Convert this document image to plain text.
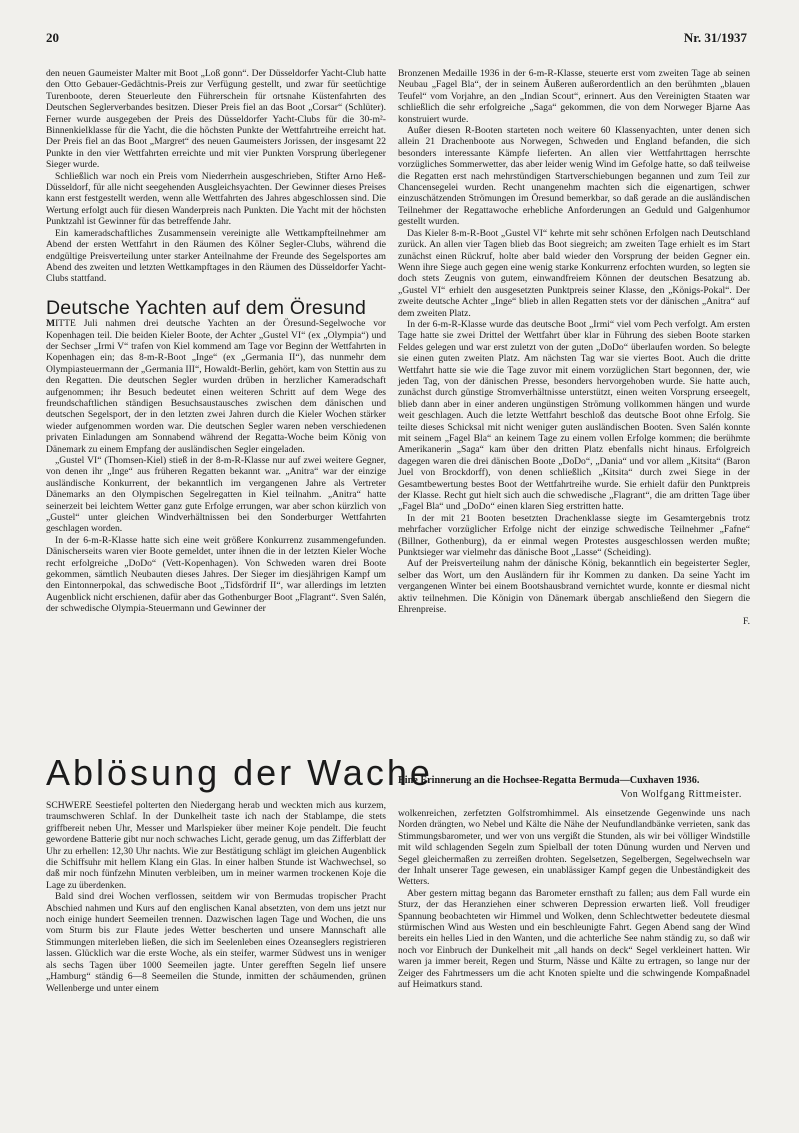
20	Nr. 31/1937

den neuen Gaumeister Malter mit Boot „Loß gonn“. Der Düsseldorfer Yacht-Club hatte den Otto Gebauer-Gedächtnis-Preis zur Verfügung gestellt, und zwar für seetüchtige Turenboote, deren Steuerleute den Führerschein für ortsnahe Küstenfahrten des Deutschen Seglerverbandes besitzen. Dieser Preis fiel an das Boot „Corsar“ (Schlüter). Ferner wurde ausgegeben der Preis des Düsseldorfer Yacht-Clubs für die 30-m²-Binnenkielklasse für die Yacht, die die höchsten Punkte der Wettfahrtreihe erreicht hat. Der Preis fiel an das Boot „Margret“ des neuen Gaumeisters Jorissen, der insgesamt 22 Punkte in den vier Wettfahrten erreichte und mit vier Punkten Vorsprung überlegener Sieger wurde.

Schließlich war noch ein Preis vom Niederrhein ausgeschrieben, Stifter Arno Heß-Düsseldorf, für alle nicht seegehenden Ausgleichsyachten. Der Gewinner dieses Preises kann erst festgestellt werden, wenn alle Wettfahrten des Jahres abgeschlossen sind. Die Wertung erfolgt auch für diesen Wanderpreis nach Punkten. Die Yacht mit der höchsten Punktzahl ist Gewinner für das betreffende Jahr.

Ein kameradschaftliches Zusammensein vereinigte alle Wettkampfteilnehmer am Abend der ersten Wettfahrt in den Räumen des Kölner Segler-Clubs, während die endgültige Preisverteilung unter starker Anteilnahme der Freunde des Segelsportes am Abend des zweiten und letzten Wettkampftages in den Räumen des Düsseldorfer Yacht-Clubs stattfand.

Deutsche Yachten auf dem Öresund

MITTE Juli nahmen drei deutsche Yachten an der Öresund-Segelwoche vor Kopenhagen teil. Die beiden Kieler Boote, der Achter „Gustel VI“ (ex „Olympia“) und der Sechser „Irmi V“ trafen von Kiel kommend am Tage vor Beginn der Wettfahrten in Kopenhagen ein; das 8-m-R-Boot „Inge“ (ex „Germania II“), das nunmehr dem Olympiasteuermann der „Germania III“, Howaldt-Berlin, gehört, kam von Stettin aus zu den Regatten. Die deutschen Segler wurden drüben in herzlicher Kameradschaft aufgenommen; ihr Besuch bedeutet einen weiteren Schritt auf dem Wege des freundschaftlichen ständigen Besuchsaustausches zwischen dem dänischen und deutschen Segelsport, der in den letzten zwei Jahren durch die Kieler Wochen stärker wieder aufgenommen worden war. Die deutschen Segler waren neben verschiedenen privaten Einladungen am Sonnabend während der Regatta-Woche beim König von Dänemark zu einem Empfang der ausländischen Segler eingeladen.

„Gustel VI“ (Thomsen-Kiel) stieß in der 8-m-R-Klasse nur auf zwei weitere Gegner, von denen ihr „Inge“ aus früheren Regatten bekannt war. „Anitra“ war der einzige ausländische Konkurrent, der bekanntlich im vergangenen Jahre als Vertreter Dänemarks an den Olympischen Segelregatten in Kiel teilnahm. „Anitra“ hatte seinerzeit bei leichtem Wetter ganz gute Erfolge errungen, war aber schon kürzlich von „Gustel“ unter gleichen Windverhältnissen bei den Sonderburger Wettfahrten geschlagen worden.

In der 6-m-R-Klasse hatte sich eine weit größere Konkurrenz zusammengefunden. Dänischerseits waren vier Boote gemeldet, unter ihnen die in der letzten Kieler Woche recht erfolgreiche „DoDo“ (Vett-Kopenhagen). Von Schweden waren drei Boote gekommen, sämtlich Neubauten dieses Jahres. Der Sieger im diesjährigen Kampf um den Eintonnerpokal, das schwedische Boot „Tidsfördrif II“, war allerdings im letzten Augenblick nicht erschienen, dafür aber das Gothenburger Boot „Flagrant“. Sven Salén, der schwedische Olympia-Steuermann und Gewinner der

Bronzenen Medaille 1936 in der 6-m-R-Klasse, steuerte erst vom zweiten Tage ab seinen Neubau „Fagel Bla“, der in seinem Äußeren außerordentlich an den berühmten „blauen Teufel“ vom Vorjahre, an den „Indian Scout“, erinnert. Aus den Vereinigten Staaten war schließlich die sehr erfolgreiche „Saga“ gekommen, die von dem Norweger Bjarne Aas konstruiert wurde.

Außer diesen R-Booten starteten noch weitere 60 Klassenyachten, unter denen sich allein 21 Drachenboote aus Norwegen, Schweden und England befanden, die sich besonders interessante Kämpfe lieferten. An allen vier Wettfahrttagen herrschte vorzügliches Sommerwetter, das aber leider wenig Wind im Gefolge hatte, so daß teilweise die Regatten erst nach mehrstündigen Startverschiebungen begannen und zum Teil zur Chancensegelei wurden. Recht unangenehm machten sich die eigenartigen, schwer einzuschätzenden Strömungen im Öresund bemerkbar, so daß gerade an die ausländischen Teilnehmer der Regattawoche erhebliche Anforderungen an Geduld und Galgenhumor gestellt wurden.

Das Kieler 8-m-R-Boot „Gustel VI“ kehrte mit sehr schönen Erfolgen nach Deutschland zurück. An allen vier Tagen blieb das Boot siegreich; am zweiten Tage erhielt es im Start zunächst einen Rückruf, holte aber bald wieder den Vorsprung der beiden Gegner ein. Wenn ihre Siege auch gegen eine wenig starke Konkurrenz erfochten wurden, so legten sie doch stets Zeugnis von gutem, einwandfreiem Können der deutschen Besatzung ab. „Gustel VI“ erhielt den ausgesetzten Punktpreis seiner Klasse, den „Königs-Pokal“. Der zweite deutsche Achter „Inge“ blieb in allen Regatten stets vor der dänischen „Anitra“ auf dem zweiten Platz.

In der 6-m-R-Klasse wurde das deutsche Boot „Irmi“ viel vom Pech verfolgt. Am ersten Tage hatte sie zwei Drittel der Wettfahrt über klar in Führung des sieben Boote starken Feldes gelegen und war erst zuletzt von der guten „DoDo“ überlaufen worden. So belegte sie einen guten zweiten Platz. Am nächsten Tag war sie viertes Boot. Auch die dritte Wettfahrt hatte sie wie die Tage zuvor mit einem vorzüglichen Start begonnen, der, wie jeden Tag, von der dänischen Presse, besonders hervorgehoben wurde. Sie hatte auch, zunächst durch günstige Stromverhältnisse unterstützt, einen weiten Vorsprung erseegelt, blieb dann aber in einer anderen ungünstigen Strömung vollkommen hängen und wurde weit geschlagen. Auch die letzte Wettfahrt beschloß das deutsche Boot ohne Erfolg. Sie teilte dieses Schicksal mit nicht weniger guten ausländischen Booten. Sven Salén konnte mit seinem „Fagel Bla“ an keinem Tage zu einem vollen Erfolge kommen; die berühmte Amerikanerin „Saga“ kam über den dritten Platz ebenfalls nicht hinaus. Erfolgreich dagegen waren die drei dänischen Boote „DoDo“, „Dania“ und vor allem „Kitsita“ (Baron Juel von Brockdorff), von denen schließlich „Kitsita“ durch zwei Siege in der Gesamtbewertung bestes Boot der Wettfahrtreihe wurde. Sie erhielt dafür den Punktpreis der Klasse. Recht gut hielt sich auch die schwedische „Flagrant“, die am dritten Tage über „Fagel Bla“ und „DoDo“ einen klaren Sieg erstritten hatte.

In der mit 21 Booten besetzten Drachenklasse siegte im Gesamtergebnis trotz mehrfacher vorzüglicher Erfolge nicht der einzige schwedische Teilnehmer „Fafne“ (Billner, Gothenburg), da er einmal wegen Protestes ausgeschlossen werden mußte; Punktsieger war vielmehr das dänische Boot „Lasse“ (Scheiding).

Auf der Preisverteilung nahm der dänische König, bekanntlich ein begeisterter Segler, selber das Wort, um den Ausländern für ihr Kommen zu danken. Da seine Yacht im vergangenen Winter bei einem Bootshausbrand vernichtet wurde, konnte er diesmal nicht aktiv teilnehmen. Die Königin von Dänemark übergab anschließend den Siegern die Ehrenpreise.

F.

Ablösung der Wache
Eine Erinnerung an die Hochsee-Regatta Bermuda—Cuxhaven 1936.
Von Wolfgang Rittmeister.

SCHWERE Seestiefel polterten den Niedergang herab und weckten mich aus kurzem, traumschweren Schlaf. In der Dunkelheit taste ich nach der Stablampe, die stets griffbereit neben Uhr, Messer und Marlspieker über meiner Koje pendelt. Die feucht gewordene Batterie gibt nur noch schwaches Licht, gerade genug, um das Zifferblatt der Uhr zu erhellen: 12,30 Uhr nachts. Wie zur Bestätigung schlägt im gleichen Augenblick die Schiffsuhr mit hellem Klang ein Glas. In einer halben Stunde ist Wachwechsel, so daß mir noch fünfzehn Minuten verbleiben, um in meiner warmen trockenen Koje die Lage zu überdenken.

Bald sind drei Wochen verflossen, seitdem wir von Bermudas tropischer Pracht Abschied nahmen und Kurs auf den englischen Kanal absetzten, von dem uns jetzt nur noch einige hundert Seemeilen trennen. Dazwischen lagen Tage und Wochen, die uns vom Sturm bis zur Flaute jedes Wetter bescherten und unsere Mannschaft alle Stimmungen miterleben ließen, die sich im Seelenleben eines Ozeanseglers registrieren lassen. Glücklich war die erste Woche, als ein steifer, warmer Südwest uns in weniger als sechs Tagen über 1000 Seemeilen jagte. Unter gerefften Segeln lief unsere „Hamburg“ ständig 6—8 Seemeilen die Stunde, inmitten der schäumenden, grünen Wellenberge und unter einem

wolkenreichen, zerfetzten Golfstromhimmel. Als einsetzende Gegenwinde uns nach Norden drängten, wo Nebel und Kälte die Nähe der Neufundlandbänke verrieten, sank das Stimmungsbarometer, und wer von uns vergißt die Stunden, als wir bei völliger Windstille mit wild schlagenden Segeln zum Spielball der toten Dünung wurden und Nerven und Segel gleichermaßen zu zerreißen drohten. Segelsetzen, Segelbergen, Segelwechseln war der Inhalt unserer Tage gewesen, ein unablässiger Kampf gegen die Unbeständigkeit des Wetters.

Aber gestern mittag begann das Barometer ernsthaft zu fallen; aus dem Fall wurde ein Sturz, der das Heranziehen einer schweren Depression erwarten ließ. Voll freudiger Spannung beobachteten wir Himmel und Wolken, denn Schlechtwetter bedeutete diesmal stürmischen Wind aus Westen und ein beschleunigte Fahrt. Gegen Abend sang der Wind bereits ein helles Lied in den Wanten, und die achterliche See nahm ständig zu, so daß wir noch vor Einbruch der Dunkelheit mit „all hands on deck“ Segel verkleinert hatten. Wir waren ja immer bereit, Regen und Sturm, Nässe und Kälte zu ertragen, so lange nur der Zeiger des Fahrtmessers um die acht Knoten spielte und die schwingende Kompaßnadel auf Heimatkurs stand.
